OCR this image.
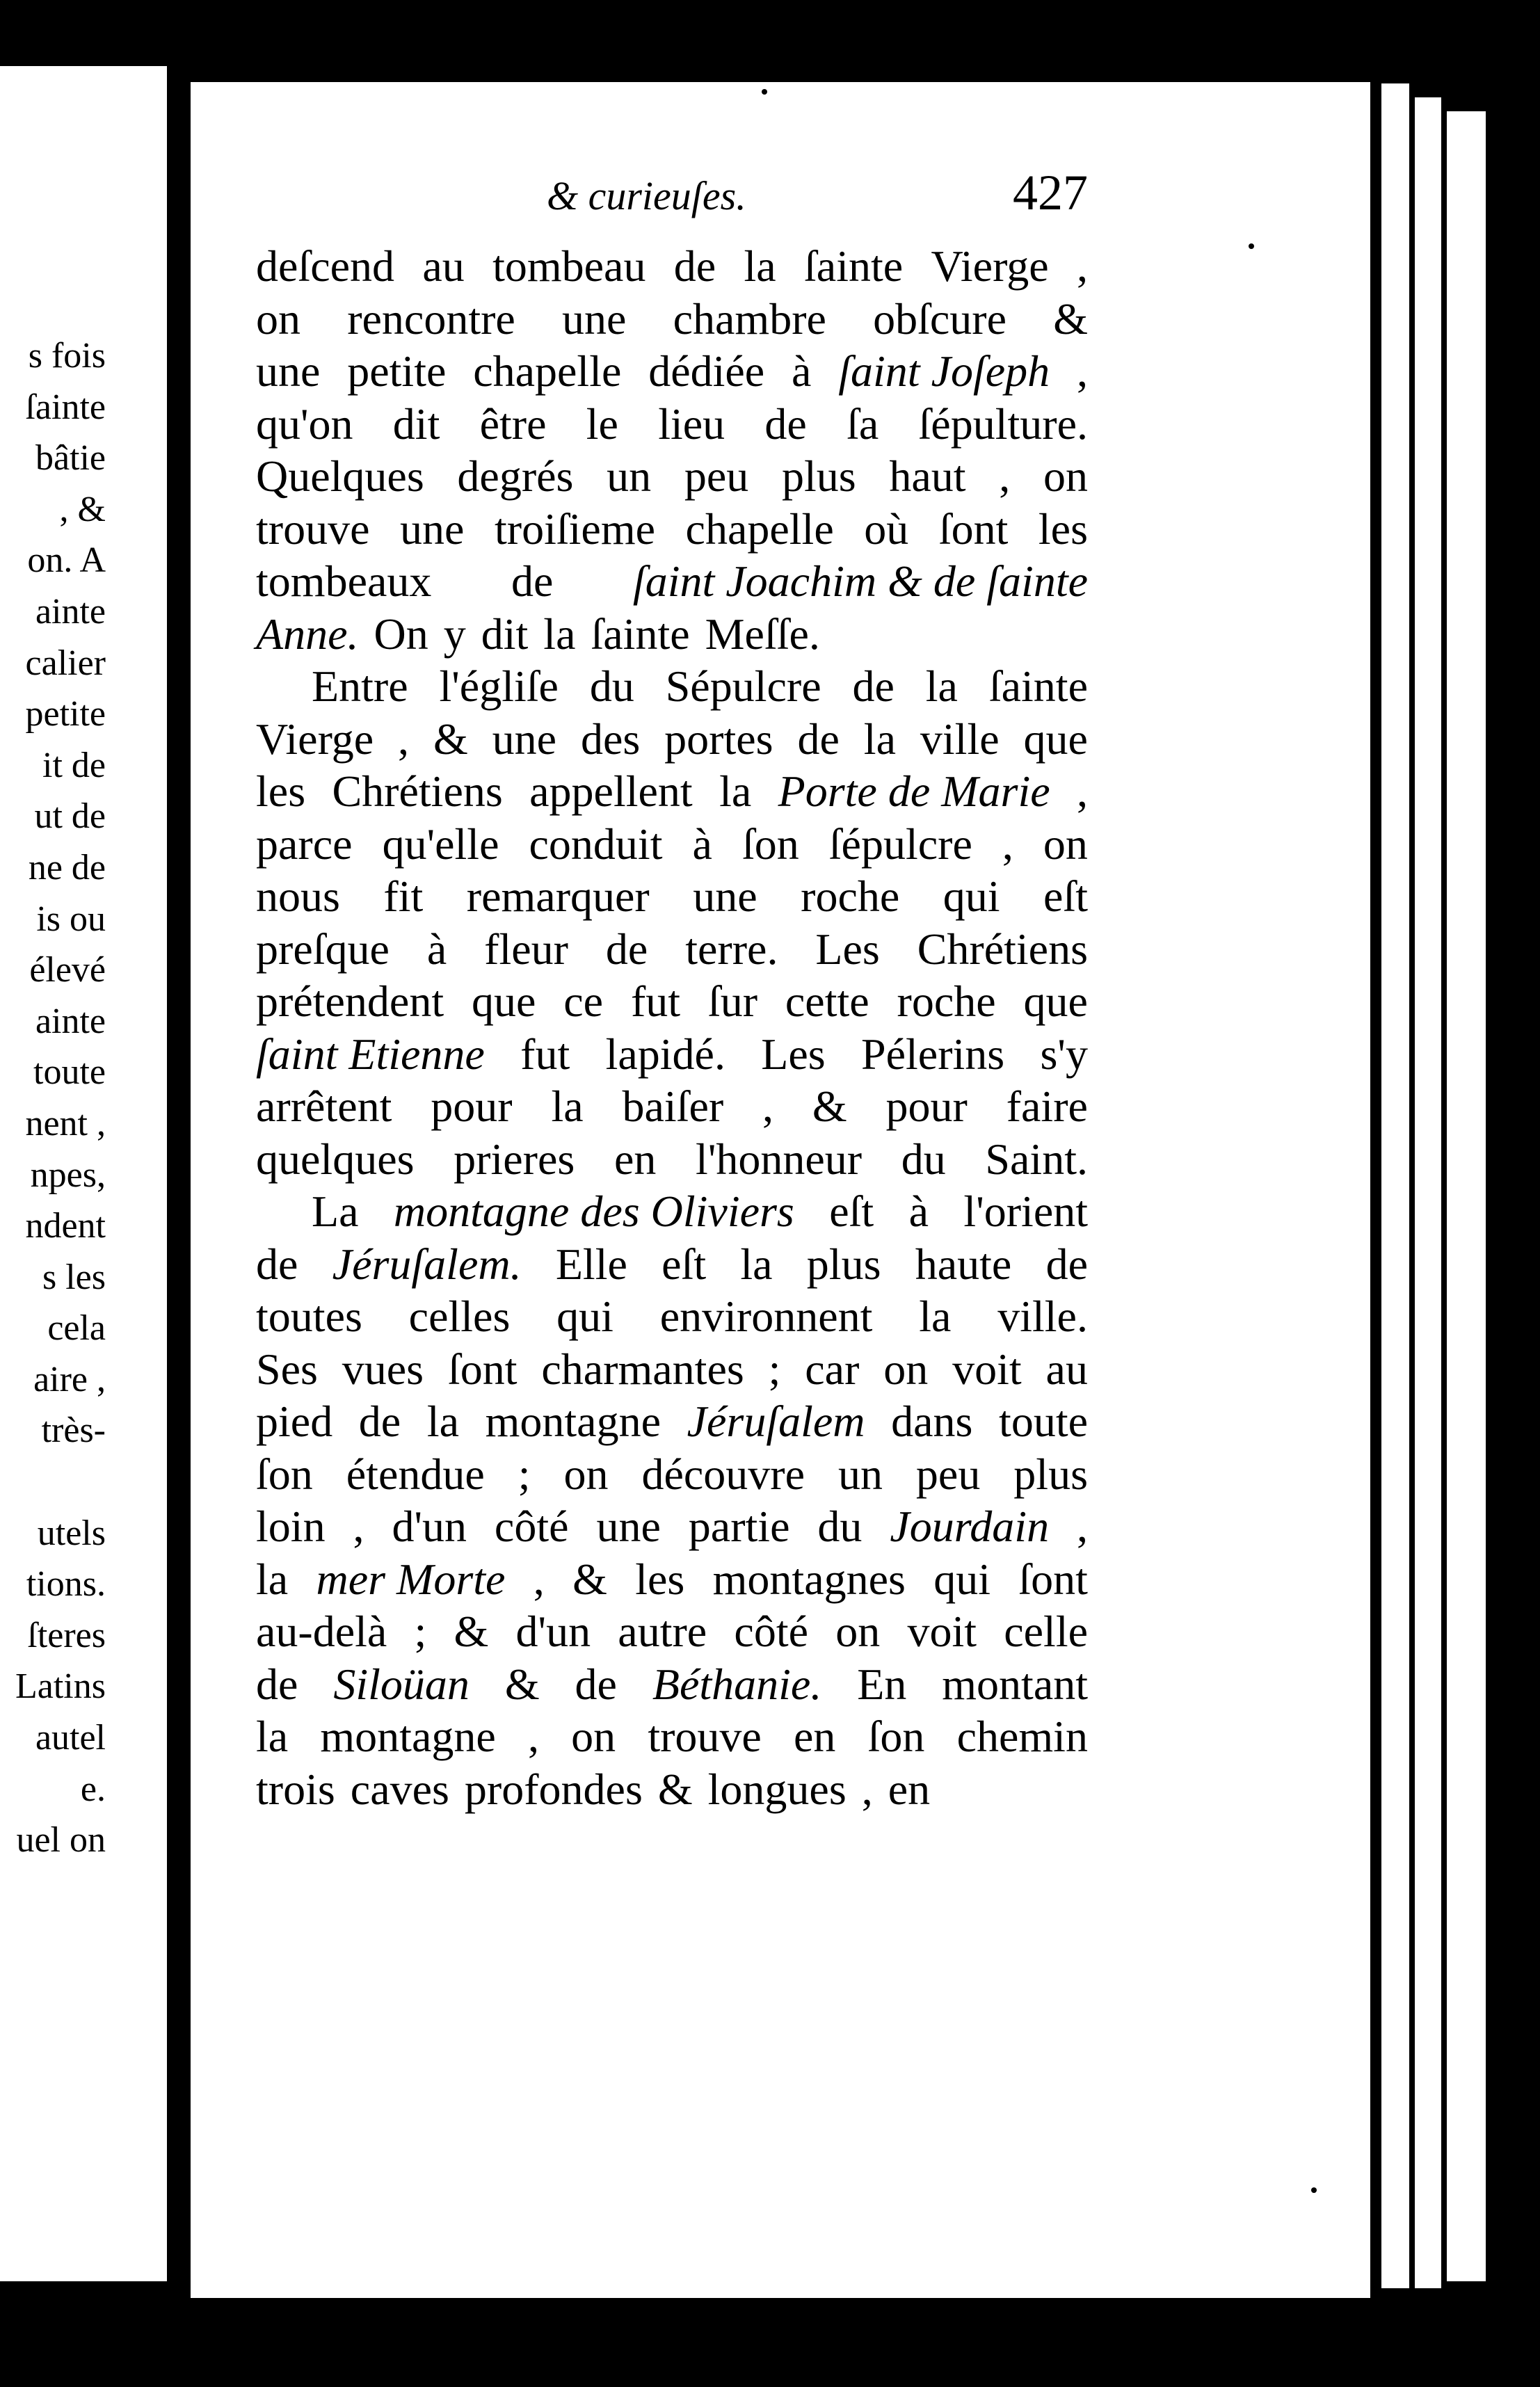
s fois
ſainte
bâtie
, &
on. A
ainte
calier
petite
it de
ut de
ne de
is ou
élevé
ainte
toute
nent ,
npes,
ndent
s les
cela
aire ,
très-
utels
tions.
ſteres
Latins
autel
e.
uel on
& curieuſes.	427
deſcend au tombeau de la ſainte Vierge ,
on rencontre une chambre obſcure &
une petite chapelle dédiée à ſaint Joſeph ,
qu'on dit être le lieu de ſa ſépulture.
Quelques degrés un peu plus haut , on
trouve une troiſieme chapelle où ſont les
tombeaux de ſaint Joachim & de ſainte
Anne. On y dit la ſainte Meſſe.
Entre l'égliſe du Sépulcre de la ſainte
Vierge , & une des portes de la ville que
les Chrétiens appellent la Porte de Marie ,
parce qu'elle conduit à ſon ſépulcre , on
nous fit remarquer une roche qui eſt
preſque à fleur de terre. Les Chrétiens
prétendent que ce fut ſur cette roche que
ſaint Etienne fut lapidé. Les Pélerins s'y
arrêtent pour la baiſer , & pour faire
quelques prieres en l'honneur du Saint.
La montagne des Oliviers eſt à l'orient
de Jéruſalem. Elle eſt la plus haute de
toutes celles qui environnent la ville.
Ses vues ſont charmantes ; car on voit au
pied de la montagne Jéruſalem dans toute
ſon étendue ; on découvre un peu plus
loin , d'un côté une partie du Jourdain ,
la mer Morte , & les montagnes qui ſont
au-delà ; & d'un autre côté on voit celle
de Siloüan & de Béthanie. En montant
la montagne , on trouve en ſon chemin
trois caves profondes & longues , en
